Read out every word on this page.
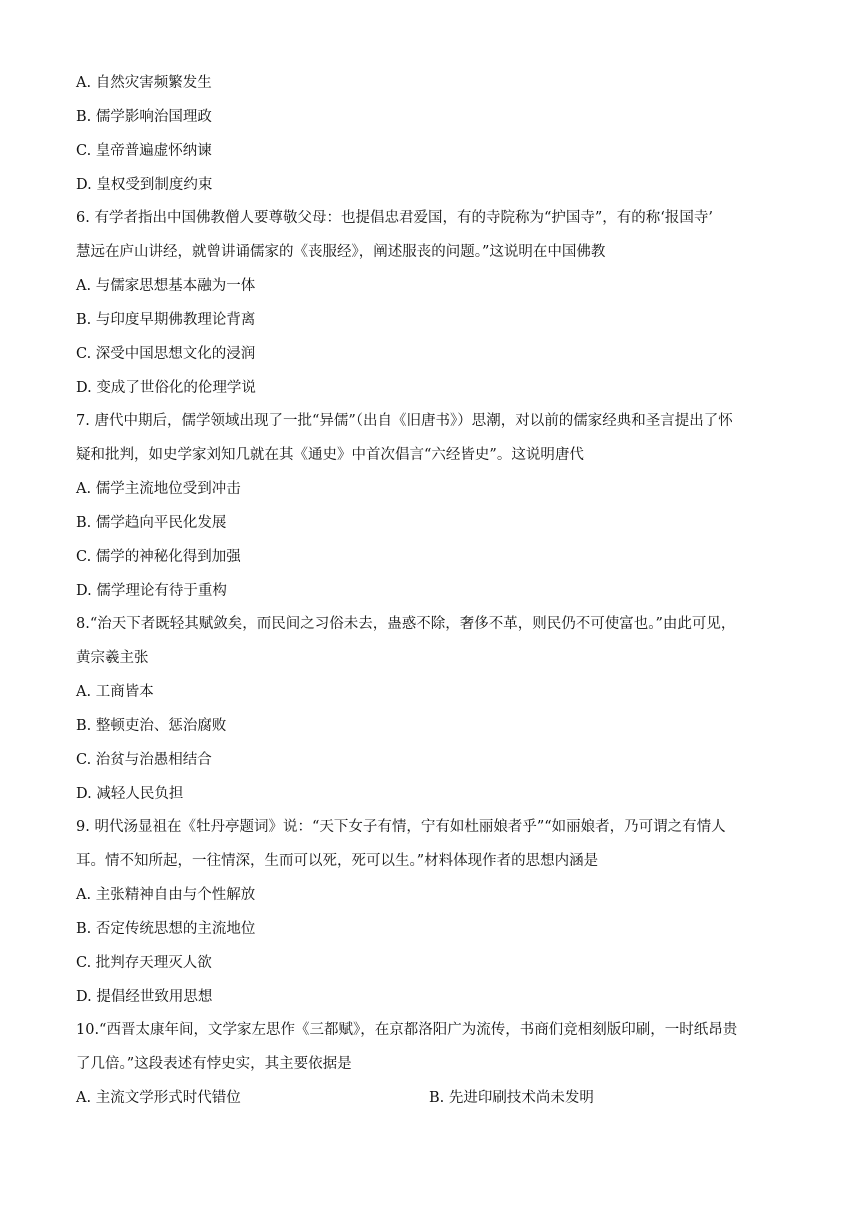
A. 自然灾害频繁发生
B. 儒学影响治国理政
C. 皇帝普遍虚怀纳谏
D. 皇权受到制度约束
6. 有学者指出中国佛教僧人要尊敬父母：也提倡忠君爱国，有的寺院称为“护国寺”，有的称‘报国寺’
慧远在庐山讲经，就曾讲诵儒家的《丧服经》，阐述服丧的问题。”这说明在中国佛教
A. 与儒家思想基本融为一体
B. 与印度早期佛教理论背离
C. 深受中国思想文化的浸润
D. 变成了世俗化的伦理学说
7. 唐代中期后，儒学领域出现了一批“异儒”（出自《旧唐书》）思潮，对以前的儒家经典和圣言提出了怀
疑和批判，如史学家刘知几就在其《通史》中首次倡言“六经皆史”。这说明唐代
A. 儒学主流地位受到冲击
B. 儒学趋向平民化发展
C. 儒学的神秘化得到加强
D. 儒学理论有待于重构
8.“治天下者既轻其赋敛矣，而民间之习俗未去，蛊惑不除，奢侈不革，则民仍不可使富也。”由此可见，
黄宗羲主张
A. 工商皆本
B. 整顿吏治、惩治腐败
C. 治贫与治愚相结合
D. 减轻人民负担
9. 明代汤显祖在《牡丹亭题词》说：“天下女子有情，宁有如杜丽娘者乎”“如丽娘者，乃可谓之有情人
耳。情不知所起，一往情深，生而可以死，死可以生。”材料体现作者的思想内涵是
A. 主张精神自由与个性解放
B. 否定传统思想的主流地位
C. 批判存天理灭人欲
D. 提倡经世致用思想
10.“西晋太康年间，文学家左思作《三都赋》，在京都洛阳广为流传，书商们竞相刻版印刷，一时纸昂贵
了几倍。”这段表述有悖史实，其主要依据是
A. 主流文学形式时代错位	B. 先进印刷技术尚未发明
